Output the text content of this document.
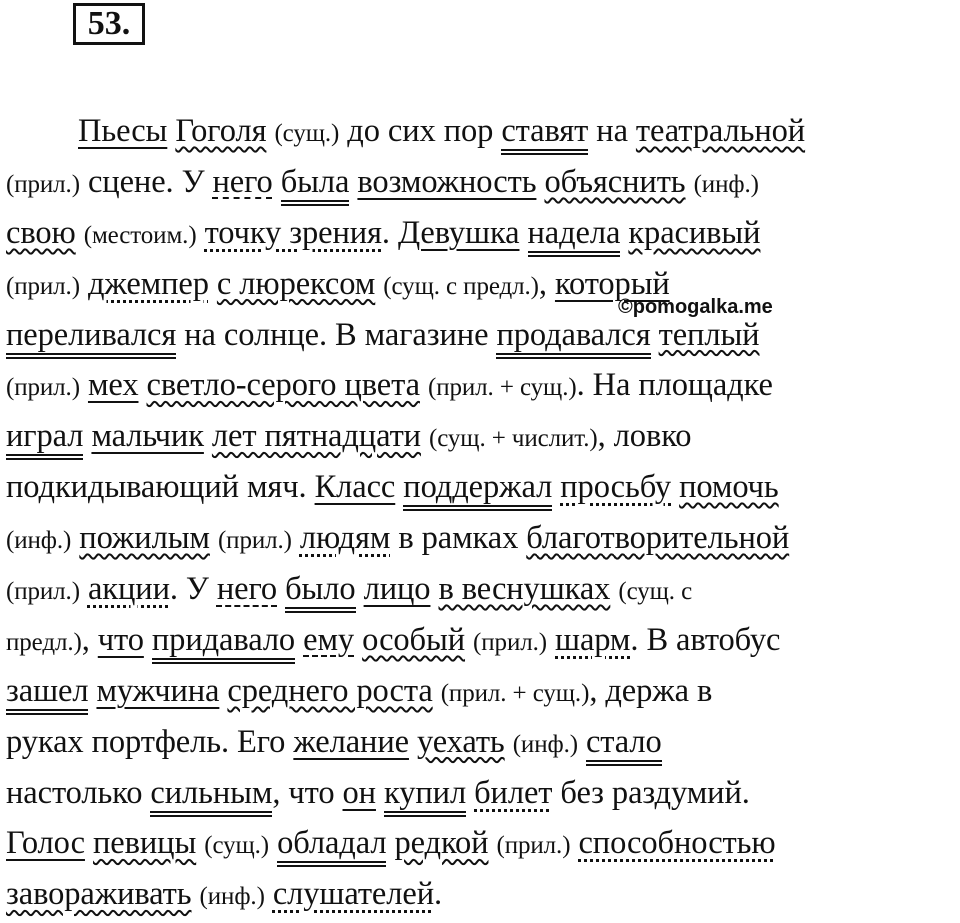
53.
Пьесы Гоголя (сущ.) до сих пор ставят на театральной
(прил.) сцене. У него была возможность объяснить (инф.)
свою (местоим.) точку зрения. Девушка надела красивый
(прил.) джемпер с люрексом (сущ. с предл.), который
переливался на солнце. В магазине продавался теплый
(прил.) мех светло-серого цвета (прил. + сущ.). На площадке
играл мальчик лет пятнадцати (сущ. + числит.), ловко
подкидывающий мяч. Класс поддержал просьбу помочь
(инф.) пожилым (прил.) людям в рамках благотворительной
(прил.) акции. У него было лицо в веснушках (сущ. с
предл.), что придавало ему особый (прил.) шарм. В автобус
зашел мужчина среднего роста (прил. + сущ.), держа в
руках портфель. Его желание уехать (инф.) стало
настолько сильным, что он купил билет без раздумий.
Голос певицы (сущ.) обладал редкой (прил.) способностью
завораживать (инф.) слушателей.
©pomogalka.me
